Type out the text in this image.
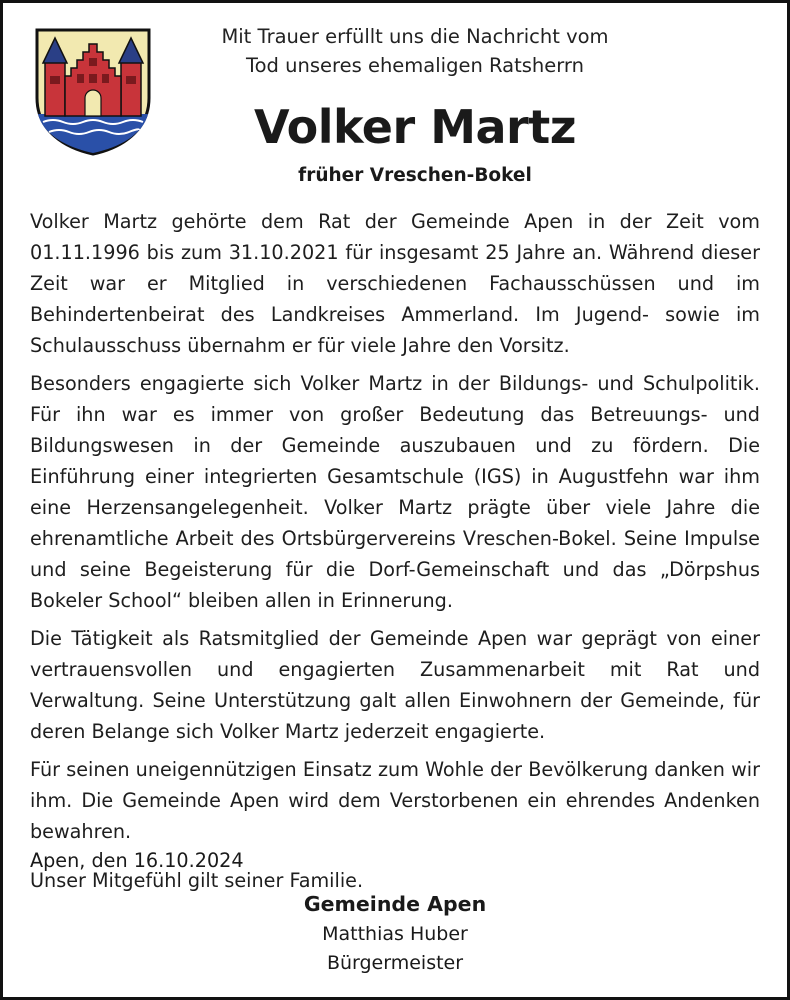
Mit Trauer erfüllt uns die Nachricht vom
Tod unseres ehemaligen Ratsherrn
Volker Martz
früher Vreschen-Bokel

Volker Martz gehörte dem Rat der Gemeinde Apen in der Zeit vom 01.11.1996 bis zum 31.10.2021 für insgesamt 25 Jahre an. Während dieser Zeit war er Mitglied in verschiedenen Fachausschüssen und im Behindertenbeirat des Landkreises Ammerland. Im Jugend- sowie im Schulausschuss übernahm er für viele Jahre den Vorsitz.

Besonders engagierte sich Volker Martz in der Bildungs- und Schulpolitik. Für ihn war es immer von großer Bedeutung das Betreuungs- und Bildungswesen in der Gemeinde auszubauen und zu fördern. Die Einführung einer integrierten Gesamtschule (IGS) in Augustfehn war ihm eine Herzensangelegenheit. Volker Martz prägte über viele Jahre die ehrenamtliche Arbeit des Ortsbürgervereins Vreschen-Bokel. Seine Impulse und seine Begeisterung für die Dorf-Gemeinschaft und das „Dörpshus Bokeler School“ bleiben allen in Erinnerung.

Die Tätigkeit als Ratsmitglied der Gemeinde Apen war geprägt von einer vertrauensvollen und engagierten Zusammenarbeit mit Rat und Verwaltung. Seine Unterstützung galt allen Einwohnern der Gemeinde, für deren Belange sich Volker Martz jederzeit engagierte.

Für seinen uneigennützigen Einsatz zum Wohle der Bevölkerung danken wir ihm. Die Gemeinde Apen wird dem Verstorbenen ein ehrendes Andenken bewahren.

Unser Mitgefühl gilt seiner Familie.

Apen, den 16.10.2024
Gemeinde Apen
Matthias Huber
Bürgermeister
